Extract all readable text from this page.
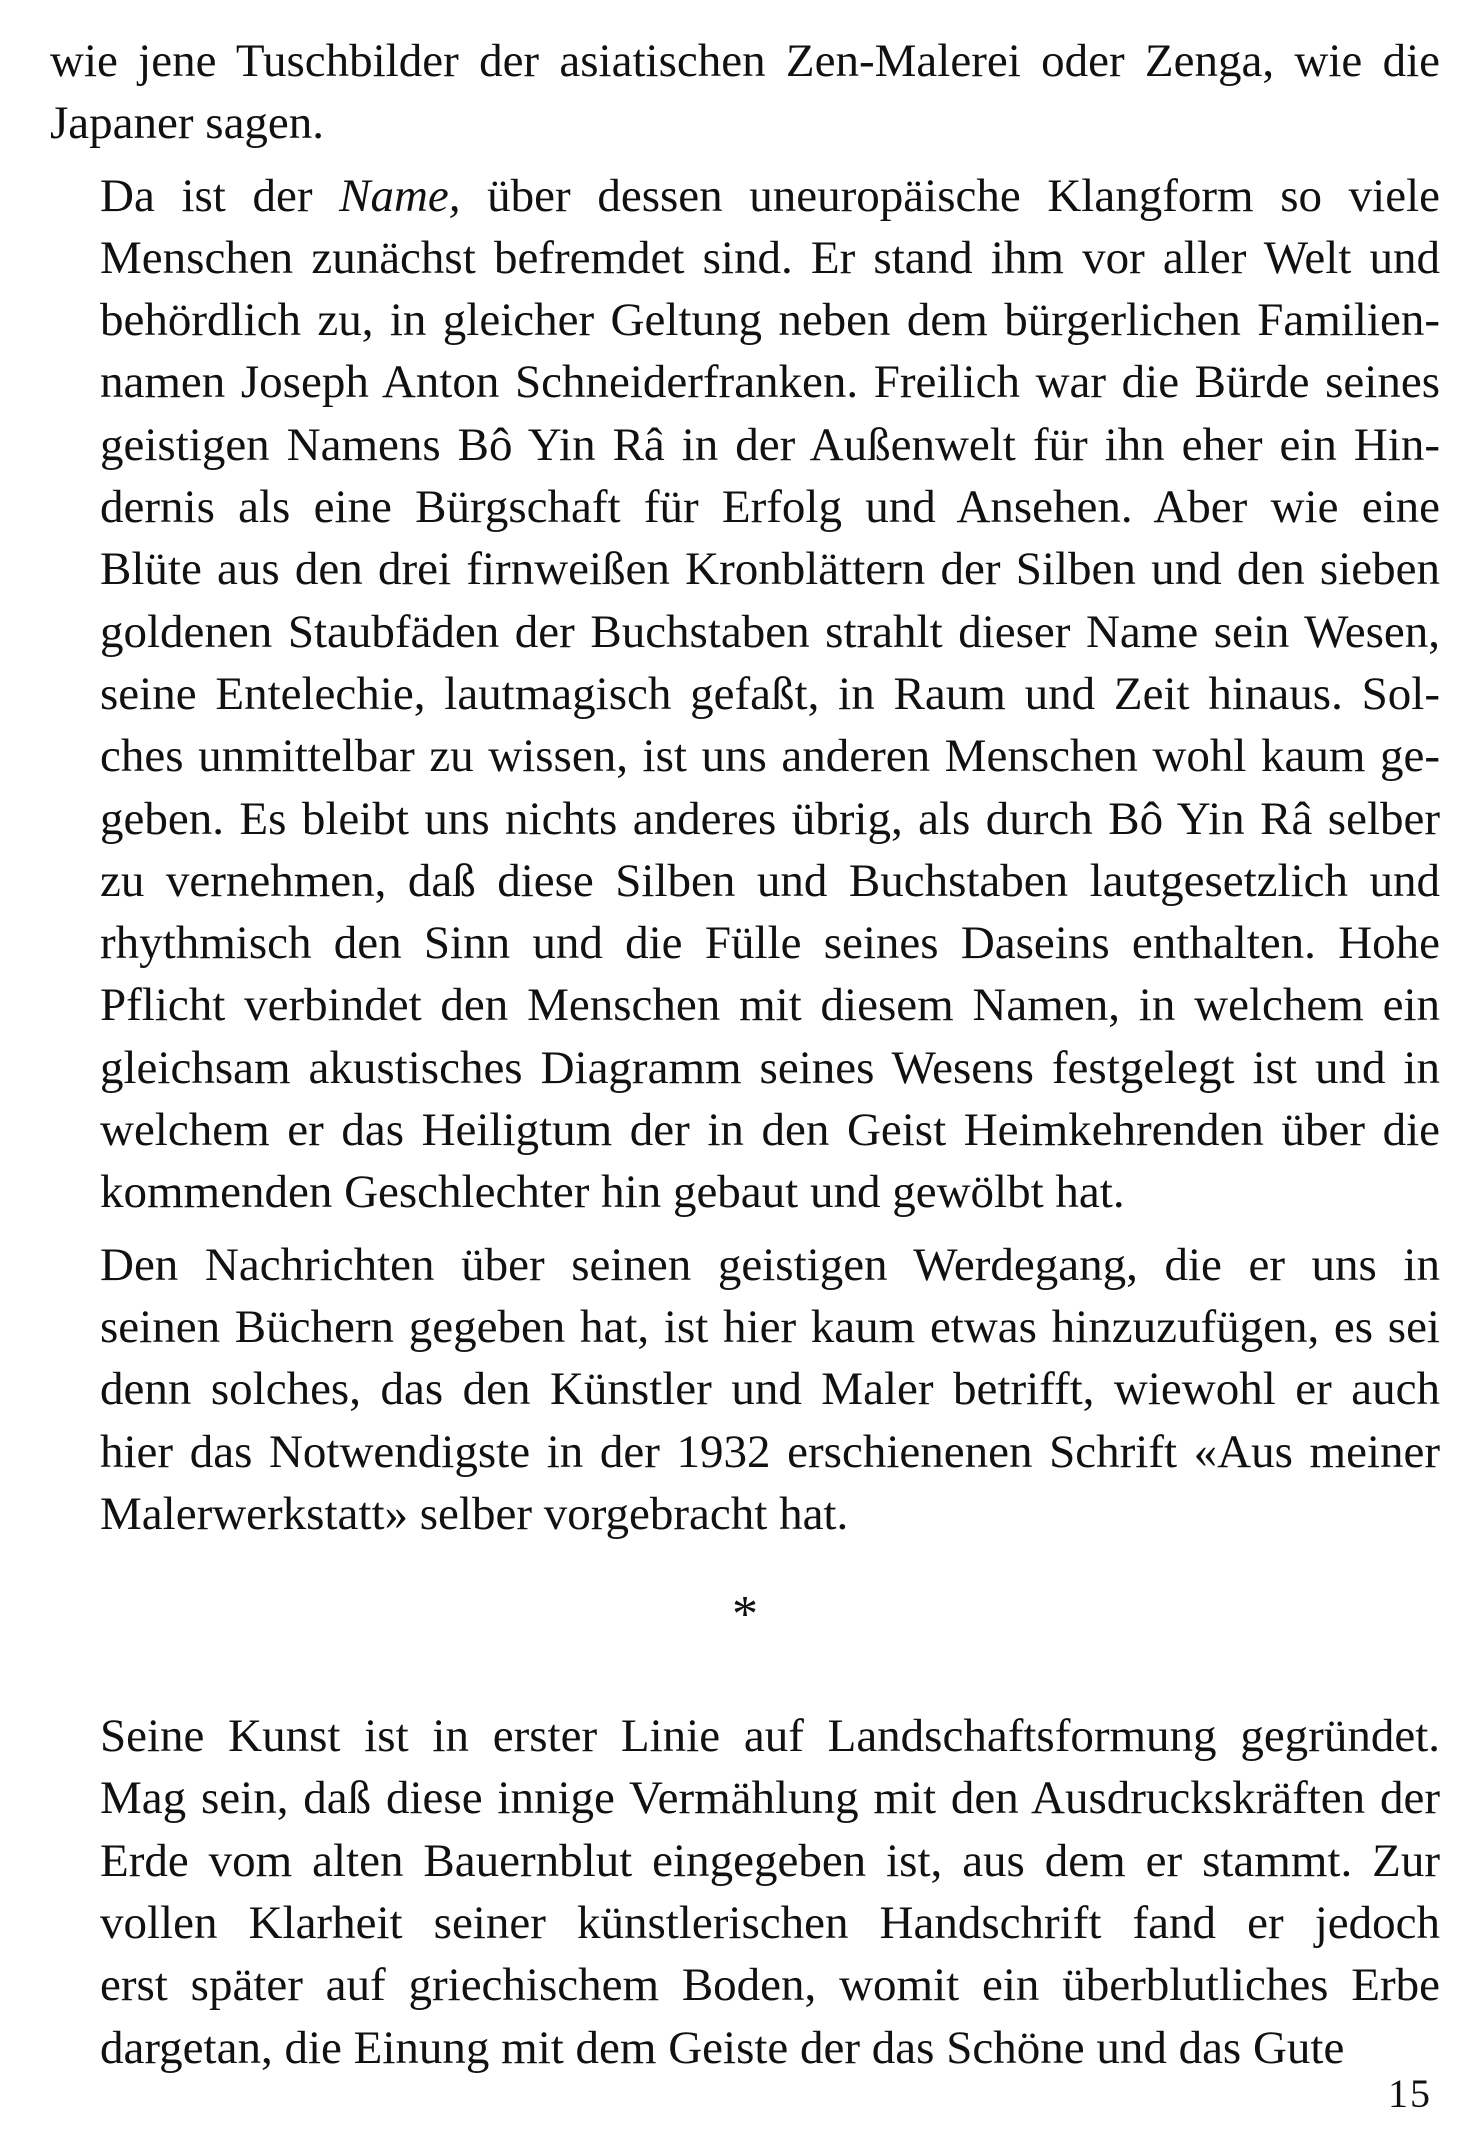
wie jene Tuschbilder der asiatischen Zen-Malerei oder Zenga, wie die
Japaner sagen.
Da ist der Name, über dessen uneuropäische Klangform so viele
Menschen zunächst befremdet sind. Er stand ihm vor aller Welt und
behördlich zu, in gleicher Geltung neben dem bürgerlichen Familien-
namen Joseph Anton Schneiderfranken. Freilich war die Bürde seines
geistigen Namens Bô Yin Râ in der Außenwelt für ihn eher ein Hin-
dernis als eine Bürgschaft für Erfolg und Ansehen. Aber wie eine
Blüte aus den drei firnweißen Kronblättern der Silben und den sieben
goldenen Staubfäden der Buchstaben strahlt dieser Name sein Wesen,
seine Entelechie, lautmagisch gefaßt, in Raum und Zeit hinaus. Sol-
ches unmittelbar zu wissen, ist uns anderen Menschen wohl kaum ge-
geben. Es bleibt uns nichts anderes übrig, als durch Bô Yin Râ selber
zu vernehmen, daß diese Silben und Buchstaben lautgesetzlich und
rhythmisch den Sinn und die Fülle seines Daseins enthalten. Hohe
Pflicht verbindet den Menschen mit diesem Namen, in welchem ein
gleichsam akustisches Diagramm seines Wesens festgelegt ist und in
welchem er das Heiligtum der in den Geist Heimkehrenden über die
kommenden Geschlechter hin gebaut und gewölbt hat.
Den Nachrichten über seinen geistigen Werdegang, die er uns in
seinen Büchern gegeben hat, ist hier kaum etwas hinzuzufügen, es sei
denn solches, das den Künstler und Maler betrifft, wiewohl er auch
hier das Notwendigste in der 1932 erschienenen Schrift «Aus meiner
Malerwerkstatt» selber vorgebracht hat.
*
Seine Kunst ist in erster Linie auf Landschaftsformung gegründet.
Mag sein, daß diese innige Vermählung mit den Ausdruckskräften der
Erde vom alten Bauernblut eingegeben ist, aus dem er stammt. Zur
vollen Klarheit seiner künstlerischen Handschrift fand er jedoch
erst später auf griechischem Boden, womit ein überblutliches Erbe
dargetan, die Einung mit dem Geiste der das Schöne und das Gute
15
